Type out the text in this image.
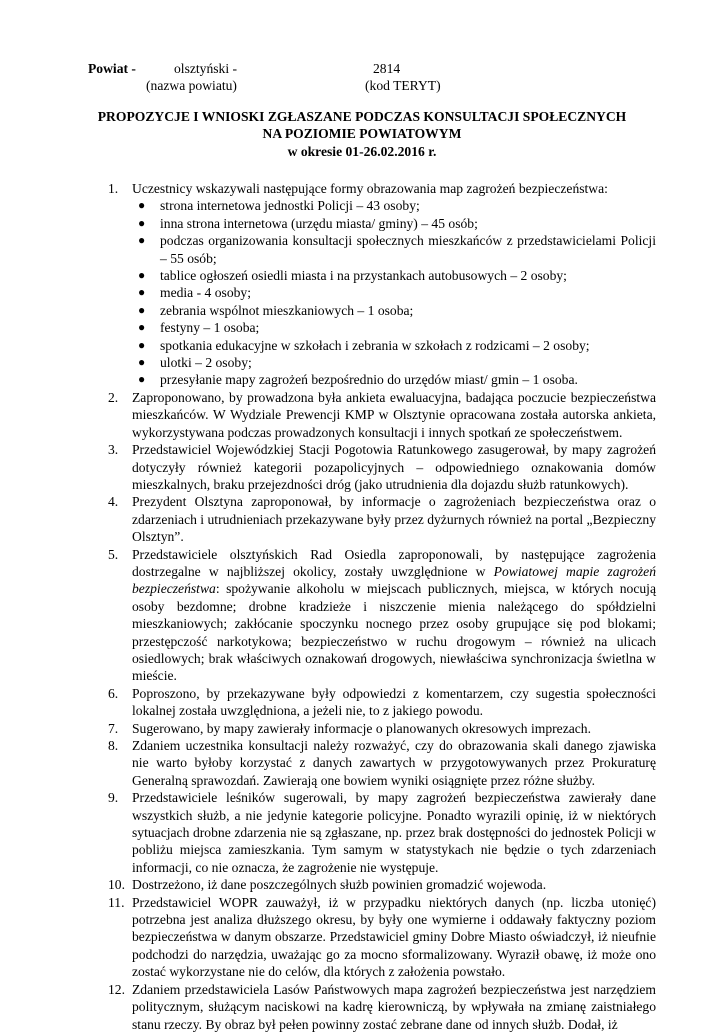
Powiat -	olsztyński -
(nazwa powiatu)
2814
(kod TERYT)
PROPOZYCJE I WNIOSKI ZGŁASZANE PODCZAS KONSULTACJI SPOŁECZNYCH
NA POZIOMIE POWIATOWYM
w okresie 01-26.02.2016 r.
1. Uczestnicy wskazywali następujące formy obrazowania map zagrożeń bezpieczeństwa:
● strona internetowa jednostki Policji – 43 osoby;
● inna strona internetowa (urzędu miasta/ gminy) – 45 osób;
● podczas organizowania konsultacji społecznych mieszkańców z przedstawicielami Policji – 55 osób;
● tablice ogłoszeń osiedli miasta i na przystankach autobusowych – 2 osoby;
● media - 4 osoby;
● zebrania wspólnot mieszkaniowych – 1 osoba;
● festyny – 1 osoba;
● spotkania edukacyjne w szkołach i zebrania w szkołach z rodzicami – 2 osoby;
● ulotki – 2 osoby;
● przesyłanie mapy zagrożeń bezpośrednio do urzędów miast/ gmin – 1 osoba.
2. Zaproponowano, by prowadzona była ankieta ewaluacyjna, badająca poczucie bezpieczeństwa mieszkańców. W Wydziale Prewencji KMP w Olsztynie opracowana została autorska ankieta, wykorzystywana podczas prowadzonych konsultacji i innych spotkań ze społeczeństwem.
3. Przedstawiciel Wojewódzkiej Stacji Pogotowia Ratunkowego zasugerował, by mapy zagrożeń dotyczyły również kategorii pozapolicyjnych – odpowiedniego oznakowania domów mieszkalnych, braku przejezdności dróg (jako utrudnienia dla dojazdu służb ratunkowych).
4. Prezydent Olsztyna zaproponował, by informacje o zagrożeniach bezpieczeństwa oraz o zdarzeniach i utrudnieniach przekazywane były przez dyżurnych również na portal „Bezpieczny Olsztyn”.
5. Przedstawiciele olsztyńskich Rad Osiedla zaproponowali, by następujące zagrożenia dostrzegalne w najbliższej okolicy, zostały uwzględnione w Powiatowej mapie zagrożeń bezpieczeństwa: spożywanie alkoholu w miejscach publicznych, miejsca, w których nocują osoby bezdomne; drobne kradzieże i niszczenie mienia należącego do spółdzielni mieszkaniowych; zakłócanie spoczynku nocnego przez osoby grupujące się pod blokami; przestępczość narkotykowa; bezpieczeństwo w ruchu drogowym – również na ulicach osiedlowych; brak właściwych oznakowań drogowych, niewłaściwa synchronizacja świetlna w mieście.
6. Poproszono, by przekazywane były odpowiedzi z komentarzem, czy sugestia społeczności lokalnej została uwzględniona, a jeżeli nie, to z jakiego powodu.
7. Sugerowano, by mapy zawierały informacje o planowanych okresowych imprezach.
8. Zdaniem uczestnika konsultacji należy rozważyć, czy do obrazowania skali danego zjawiska nie warto byłoby korzystać z danych zawartych w przygotowywanych przez Prokuraturę Generalną sprawozdań. Zawierają one bowiem wyniki osiągnięte przez różne służby.
9. Przedstawiciele leśników sugerowali, by mapy zagrożeń bezpieczeństwa zawierały dane wszystkich służb, a nie jedynie kategorie policyjne. Ponadto wyrazili opinię, iż w niektórych sytuacjach drobne zdarzenia nie są zgłaszane, np. przez brak dostępności do jednostek Policji w pobliżu miejsca zamieszkania. Tym samym w statystykach nie będzie o tych zdarzeniach informacji, co nie oznacza, że zagrożenie nie występuje.
10. Dostrzeżono, iż dane poszczególnych służb powinien gromadzić wojewoda.
11. Przedstawiciel WOPR zauważył, iż w przypadku niektórych danych (np. liczba utonięć) potrzebna jest analiza dłuższego okresu, by były one wymierne i oddawały faktyczny poziom bezpieczeństwa w danym obszarze. Przedstawiciel gminy Dobre Miasto oświadczył, iż nieufnie podchodzi do narzędzia, uważając go za mocno sformalizowany. Wyraził obawę, iż może ono zostać wykorzystane nie do celów, dla których z założenia powstało.
12. Zdaniem przedstawiciela Lasów Państwowych mapa zagrożeń bezpieczeństwa jest narzędziem politycznym, służącym naciskowi na kadrę kierowniczą, by wpływała na zmianę zaistniałego stanu rzeczy. By obraz był pełen powinny zostać zebrane dane od innych służb. Dodał, iż
